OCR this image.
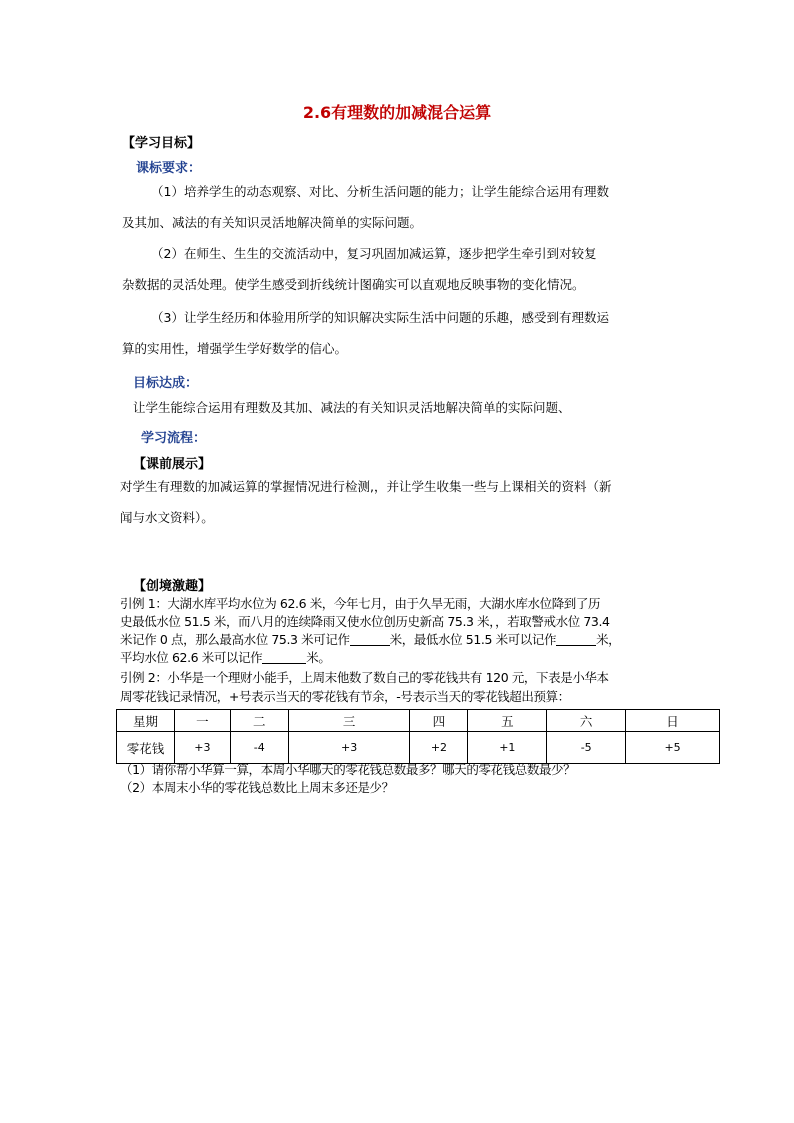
2.6有理数的加减混合运算
【学习目标】
课标要求：
（1）培养学生的动态观察、对比、分析生活问题的能力；让学生能综合运用有理数
及其加、减法的有关知识灵活地解决简单的实际问题。
（2）在师生、生生的交流活动中，复习巩固加减运算，逐步把学生牵引到对较复
杂数据的灵活处理。使学生感受到折线统计图确实可以直观地反映事物的变化情况。
（3）让学生经历和体验用所学的知识解决实际生活中问题的乐趣，感受到有理数运
算的实用性，增强学生学好数学的信心。
目标达成：
让学生能综合运用有理数及其加、减法的有关知识灵活地解决简单的实际问题、
学习流程：
【课前展示】
对学生有理数的加减运算的掌握情况进行检测,，并让学生收集一些与上课相关的资料（新
闻与水文资料）。
【创境激趣】
引例 1：大湖水库平均水位为 62.6 米，今年七月，由于久旱无雨，大湖水库水位降到了历
史最低水位 51.5 米，而八月的连续降雨又使水位创历史新高 75.3 米，，若取警戒水位 73.4
米记作 0 点，那么最高水位 75.3 米可记作	米，最低水位 51.5 米可以记作	米，
平均水位 62.6 米可以记作	米。
引例 2：小华是一个理财小能手，上周末他数了数自己的零花钱共有 120 元，下表是小华本
周零花钱记录情况，+号表示当天的零花钱有节余，-号表示当天的零花钱超出预算：
星期	一	二	三	四	五	六	日
零花钱	+3	-4	+3	+2	+1	-5	+5
（1）请你帮小华算一算，本周小华哪天的零花钱总数最多？哪天的零花钱总数最少？
（2）本周末小华的零花钱总数比上周末多还是少？
